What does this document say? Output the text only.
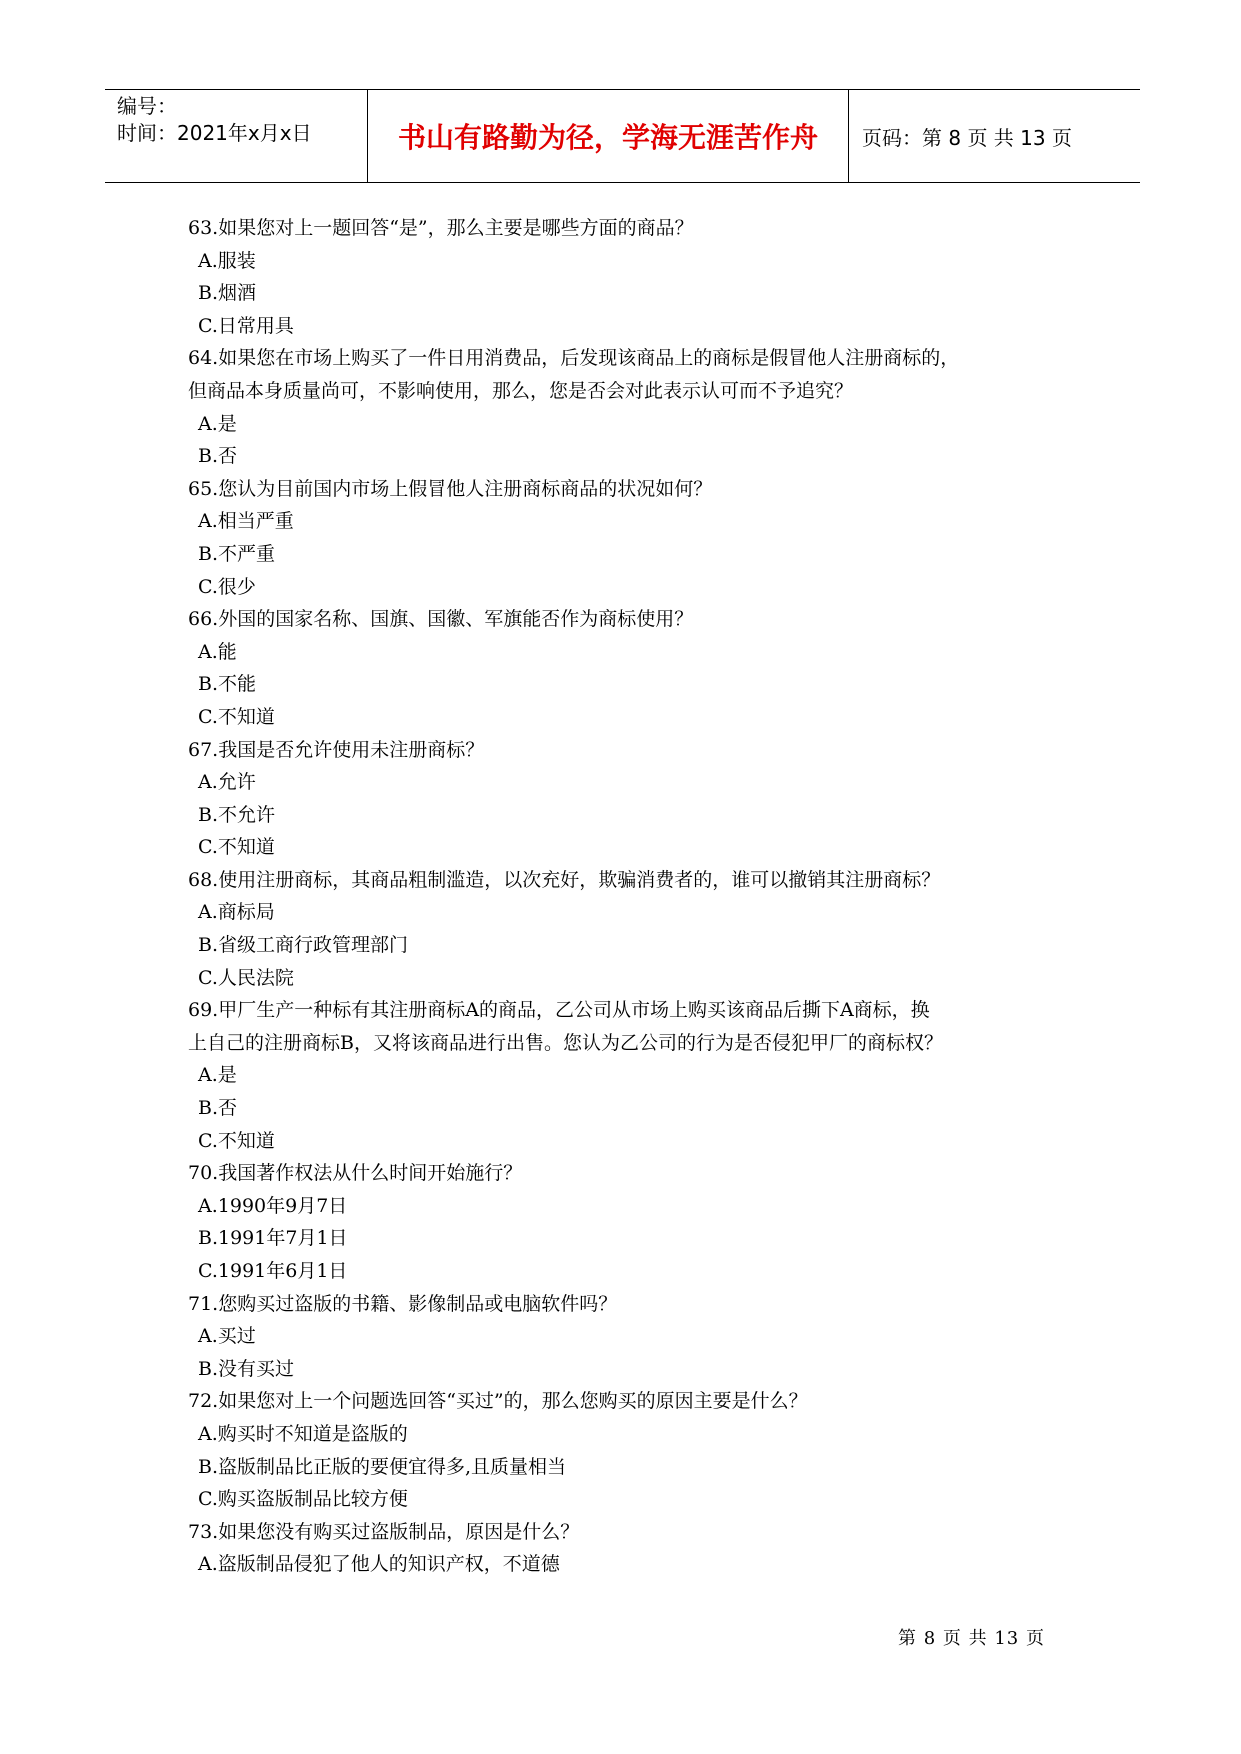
编号：
时间：2021年x月x日	书山有路勤为径，学海无涯苦作舟	页码：第 8 页 共 13 页
63.如果您对上一题回答“是”，那么主要是哪些方面的商品？
A.服装
B.烟酒
C.日常用具
64.如果您在市场上购买了一件日用消费品，后发现该商品上的商标是假冒他人注册商标的，
但商品本身质量尚可，不影响使用，那么，您是否会对此表示认可而不予追究？
A.是
B.否
65.您认为目前国内市场上假冒他人注册商标商品的状况如何？
A.相当严重
B.不严重
C.很少
66.外国的国家名称、国旗、国徽、军旗能否作为商标使用？
A.能
B.不能
C.不知道
67.我国是否允许使用未注册商标？
A.允许
B.不允许
C.不知道
68.使用注册商标，其商品粗制滥造，以次充好，欺骗消费者的，谁可以撤销其注册商标？
A.商标局
B.省级工商行政管理部门
C.人民法院
69.甲厂生产一种标有其注册商标A的商品，乙公司从市场上购买该商品后撕下A商标，换
上自己的注册商标B，又将该商品进行出售。您认为乙公司的行为是否侵犯甲厂的商标权？
A.是
B.否
C.不知道
70.我国著作权法从什么时间开始施行？
A.1990年9月7日
B.1991年7月1日
C.1991年6月1日
71.您购买过盗版的书籍、影像制品或电脑软件吗？
A.买过
B.没有买过
72.如果您对上一个问题选回答“买过”的，那么您购买的原因主要是什么？
A.购买时不知道是盗版的
B.盗版制品比正版的要便宜得多,且质量相当
C.购买盗版制品比较方便
73.如果您没有购买过盗版制品，原因是什么？
A.盗版制品侵犯了他人的知识产权，不道德
第 8 页 共 13 页
